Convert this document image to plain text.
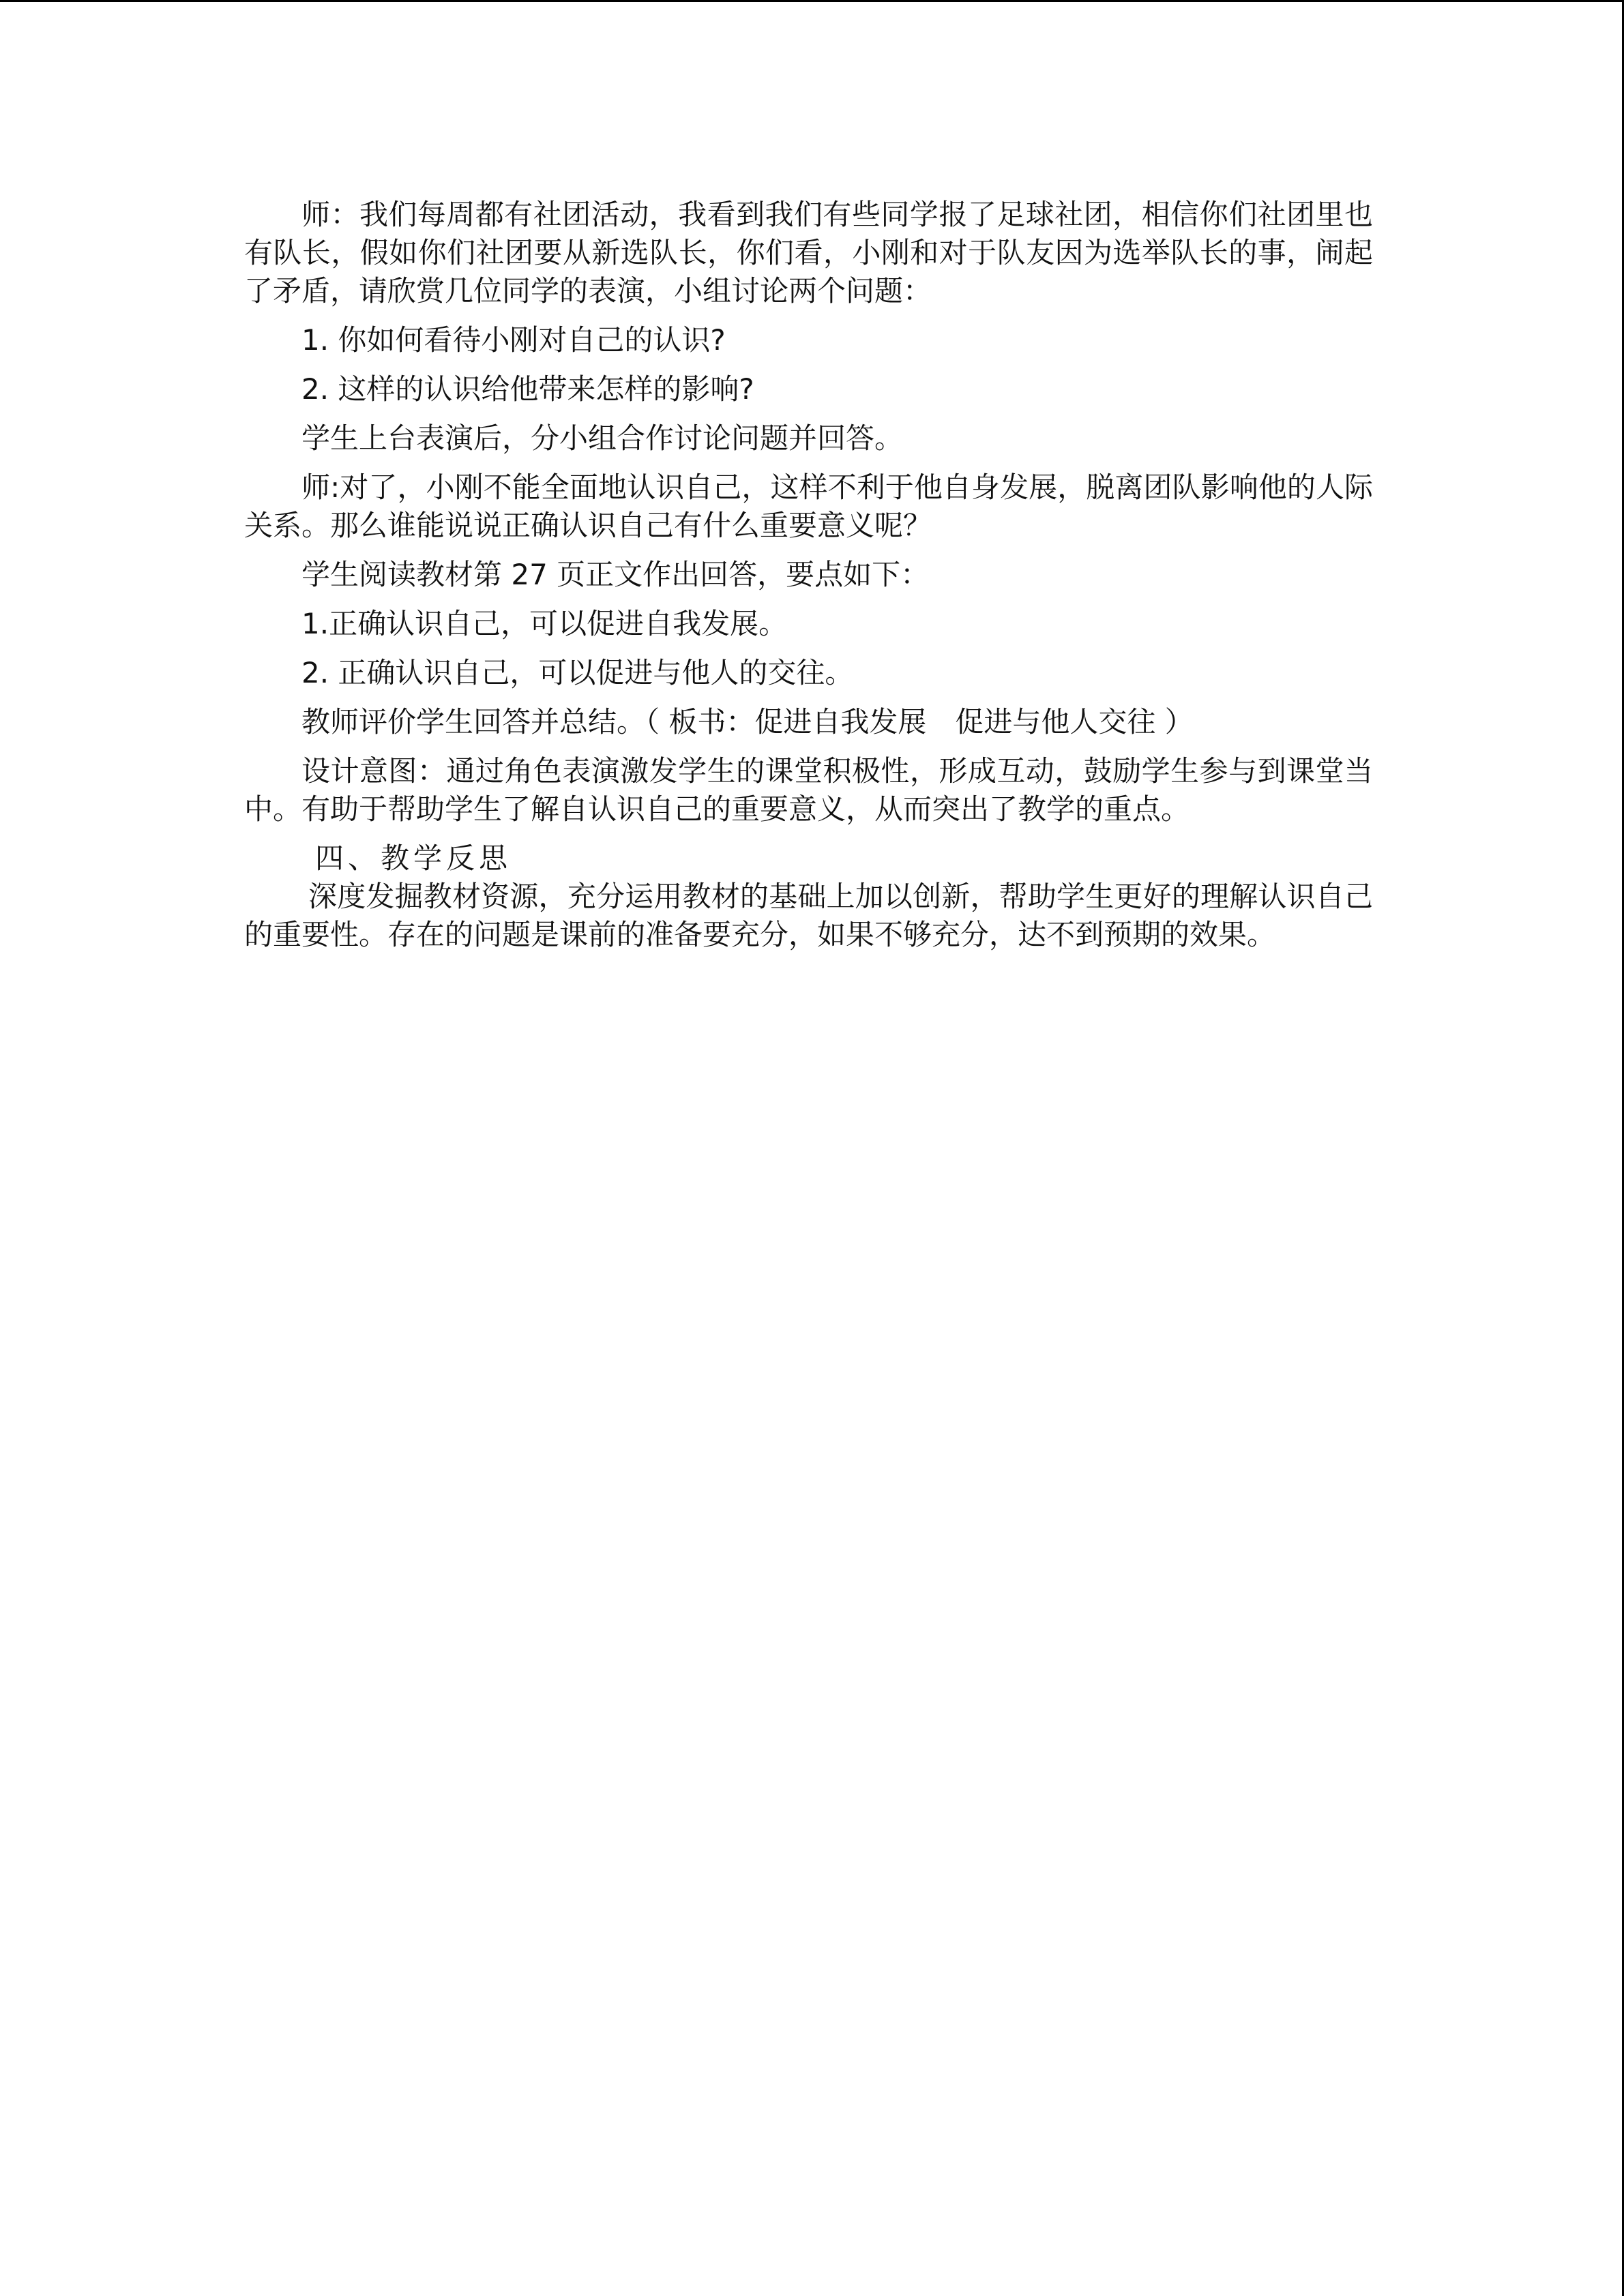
师：我们每周都有社团活动，我看到我们有些同学报了足球社团，相信你们社团里也有队长，假如你们社团要从新选队长，你们看，小刚和对于队友因为选举队长的事，闹起了矛盾，请欣赏几位同学的表演，小组讨论两个问题：

1. 你如何看待小刚对自己的认识?

2. 这样的认识给他带来怎样的影响?

学生上台表演后，分小组合作讨论问题并回答。

师:对了，小刚不能全面地认识自己，这样不利于他自身发展，脱离团队影响他的人际关系。那么谁能说说正确认识自己有什么重要意义呢？

学生阅读教材第 27 页正文作出回答，要点如下：

1.正确认识自己，可以促进自我发展。

2. 正确认识自己，可以促进与他人的交往。

教师评价学生回答并总结。（ 板书：促进自我发展　促进与他人交往 ）

设计意图：通过角色表演激发学生的课堂积极性，形成互动，鼓励学生参与到课堂当中。有助于帮助学生了解自认识自己的重要意义，从而突出了教学的重点。

四、教学反思

深度发掘教材资源，充分运用教材的基础上加以创新，帮助学生更好的理解认识自己的重要性。存在的问题是课前的准备要充分，如果不够充分，达不到预期的效果。
